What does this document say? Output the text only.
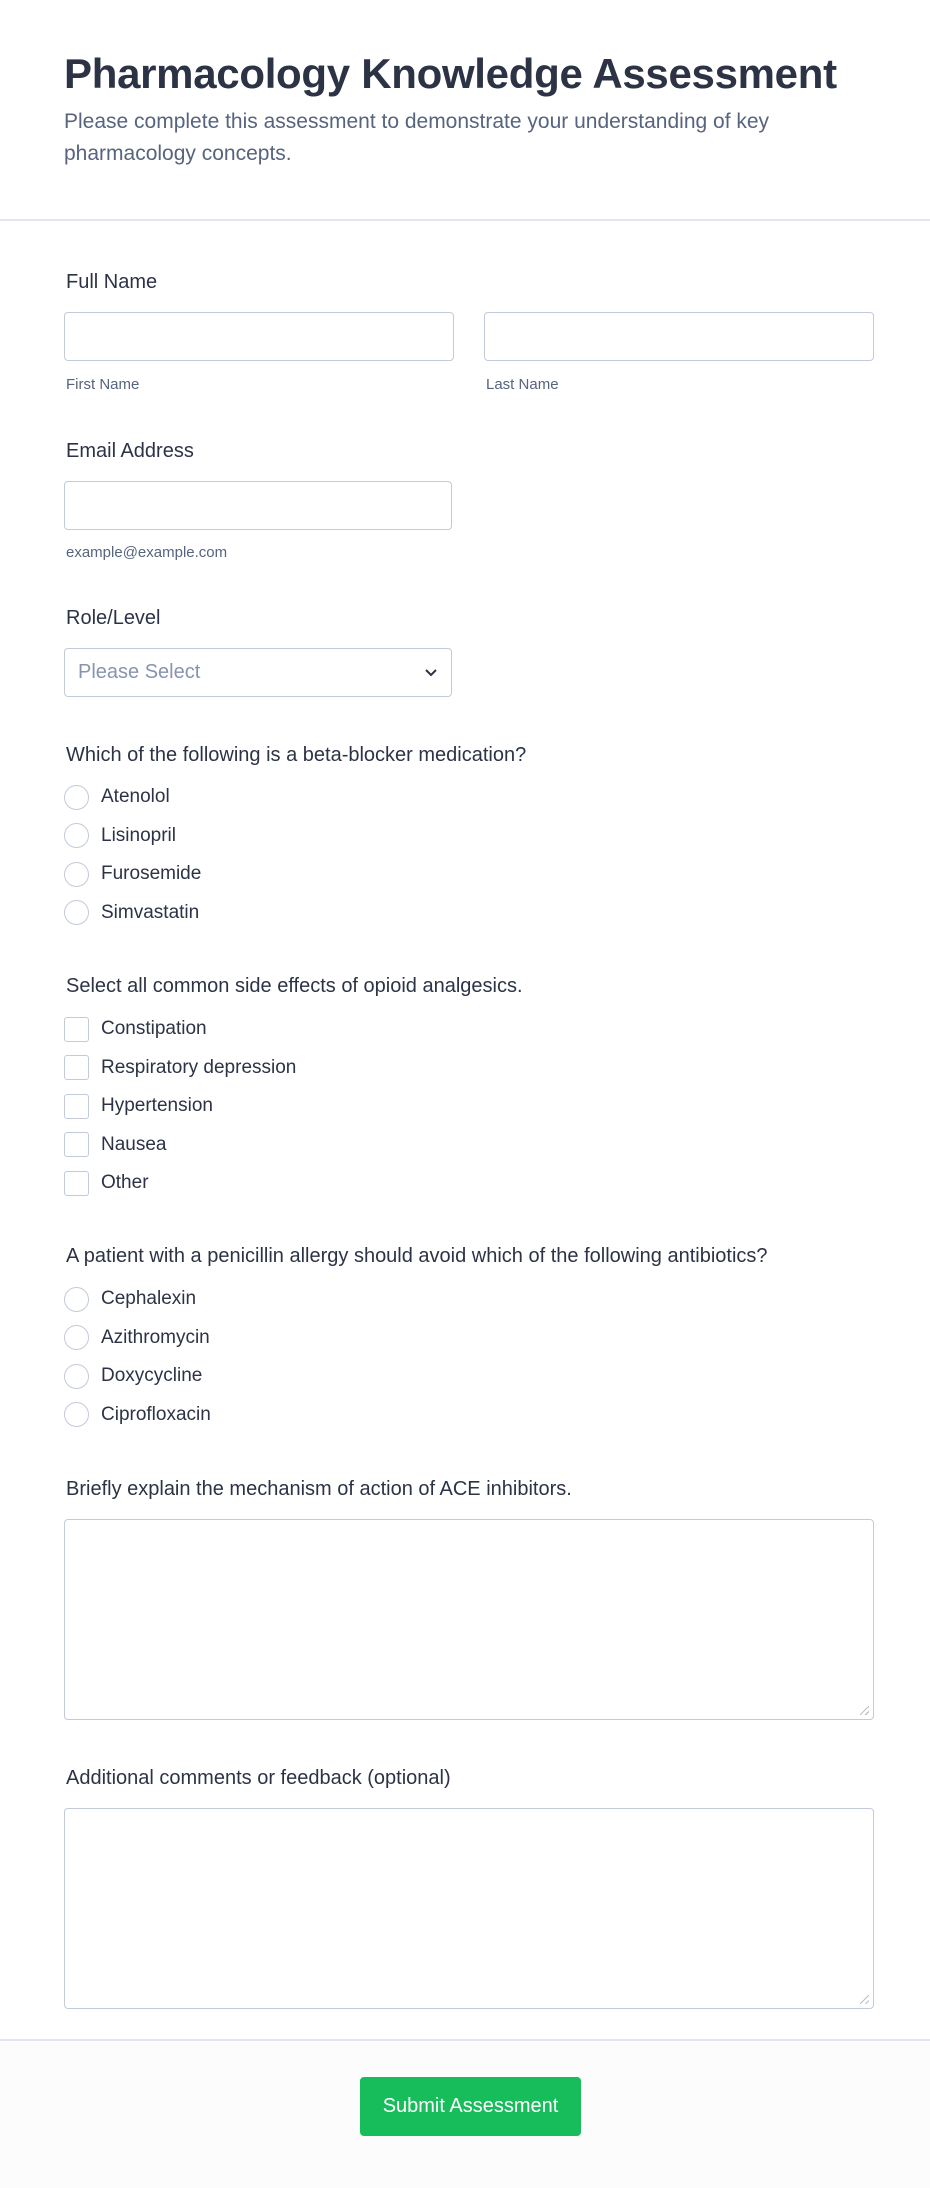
Pharmacology Knowledge Assessment

Please complete this assessment to demonstrate your understanding of key pharmacology concepts.

Full Name
First Name	Last Name
Email Address
example@example.com
Role/Level
Please Select
Which of the following is a beta-blocker medication?
Atenolol
Lisinopril
Furosemide
Simvastatin
Select all common side effects of opioid analgesics.
Constipation
Respiratory depression
Hypertension
Nausea
Other
A patient with a penicillin allergy should avoid which of the following antibiotics?
Cephalexin
Azithromycin
Doxycycline
Ciprofloxacin
Briefly explain the mechanism of action of ACE inhibitors.
Additional comments or feedback (optional)
Submit Assessment
